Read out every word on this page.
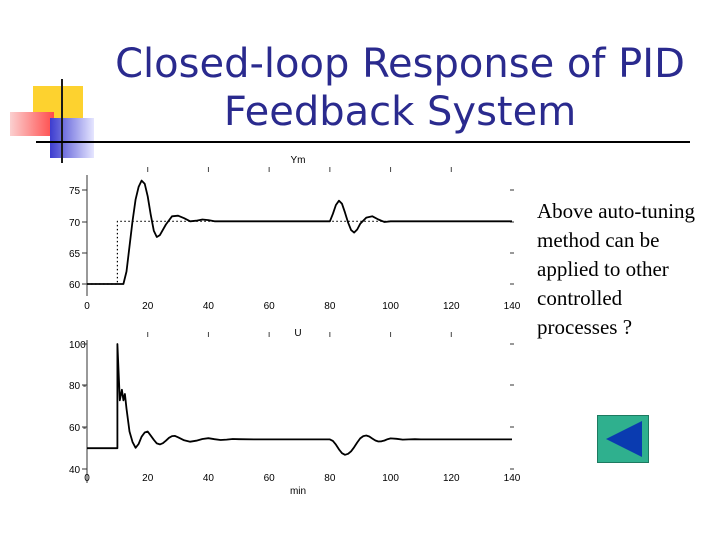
Closed-loop Response of PID
Feedback System
Ym
75
70
65
60
0	20	40	60	80	100	120	140
U
100
80 -
60 -
40
0	20	40	60	80	100	120	140
min
Above auto-tuning method can be applied to other controlled processes ?
